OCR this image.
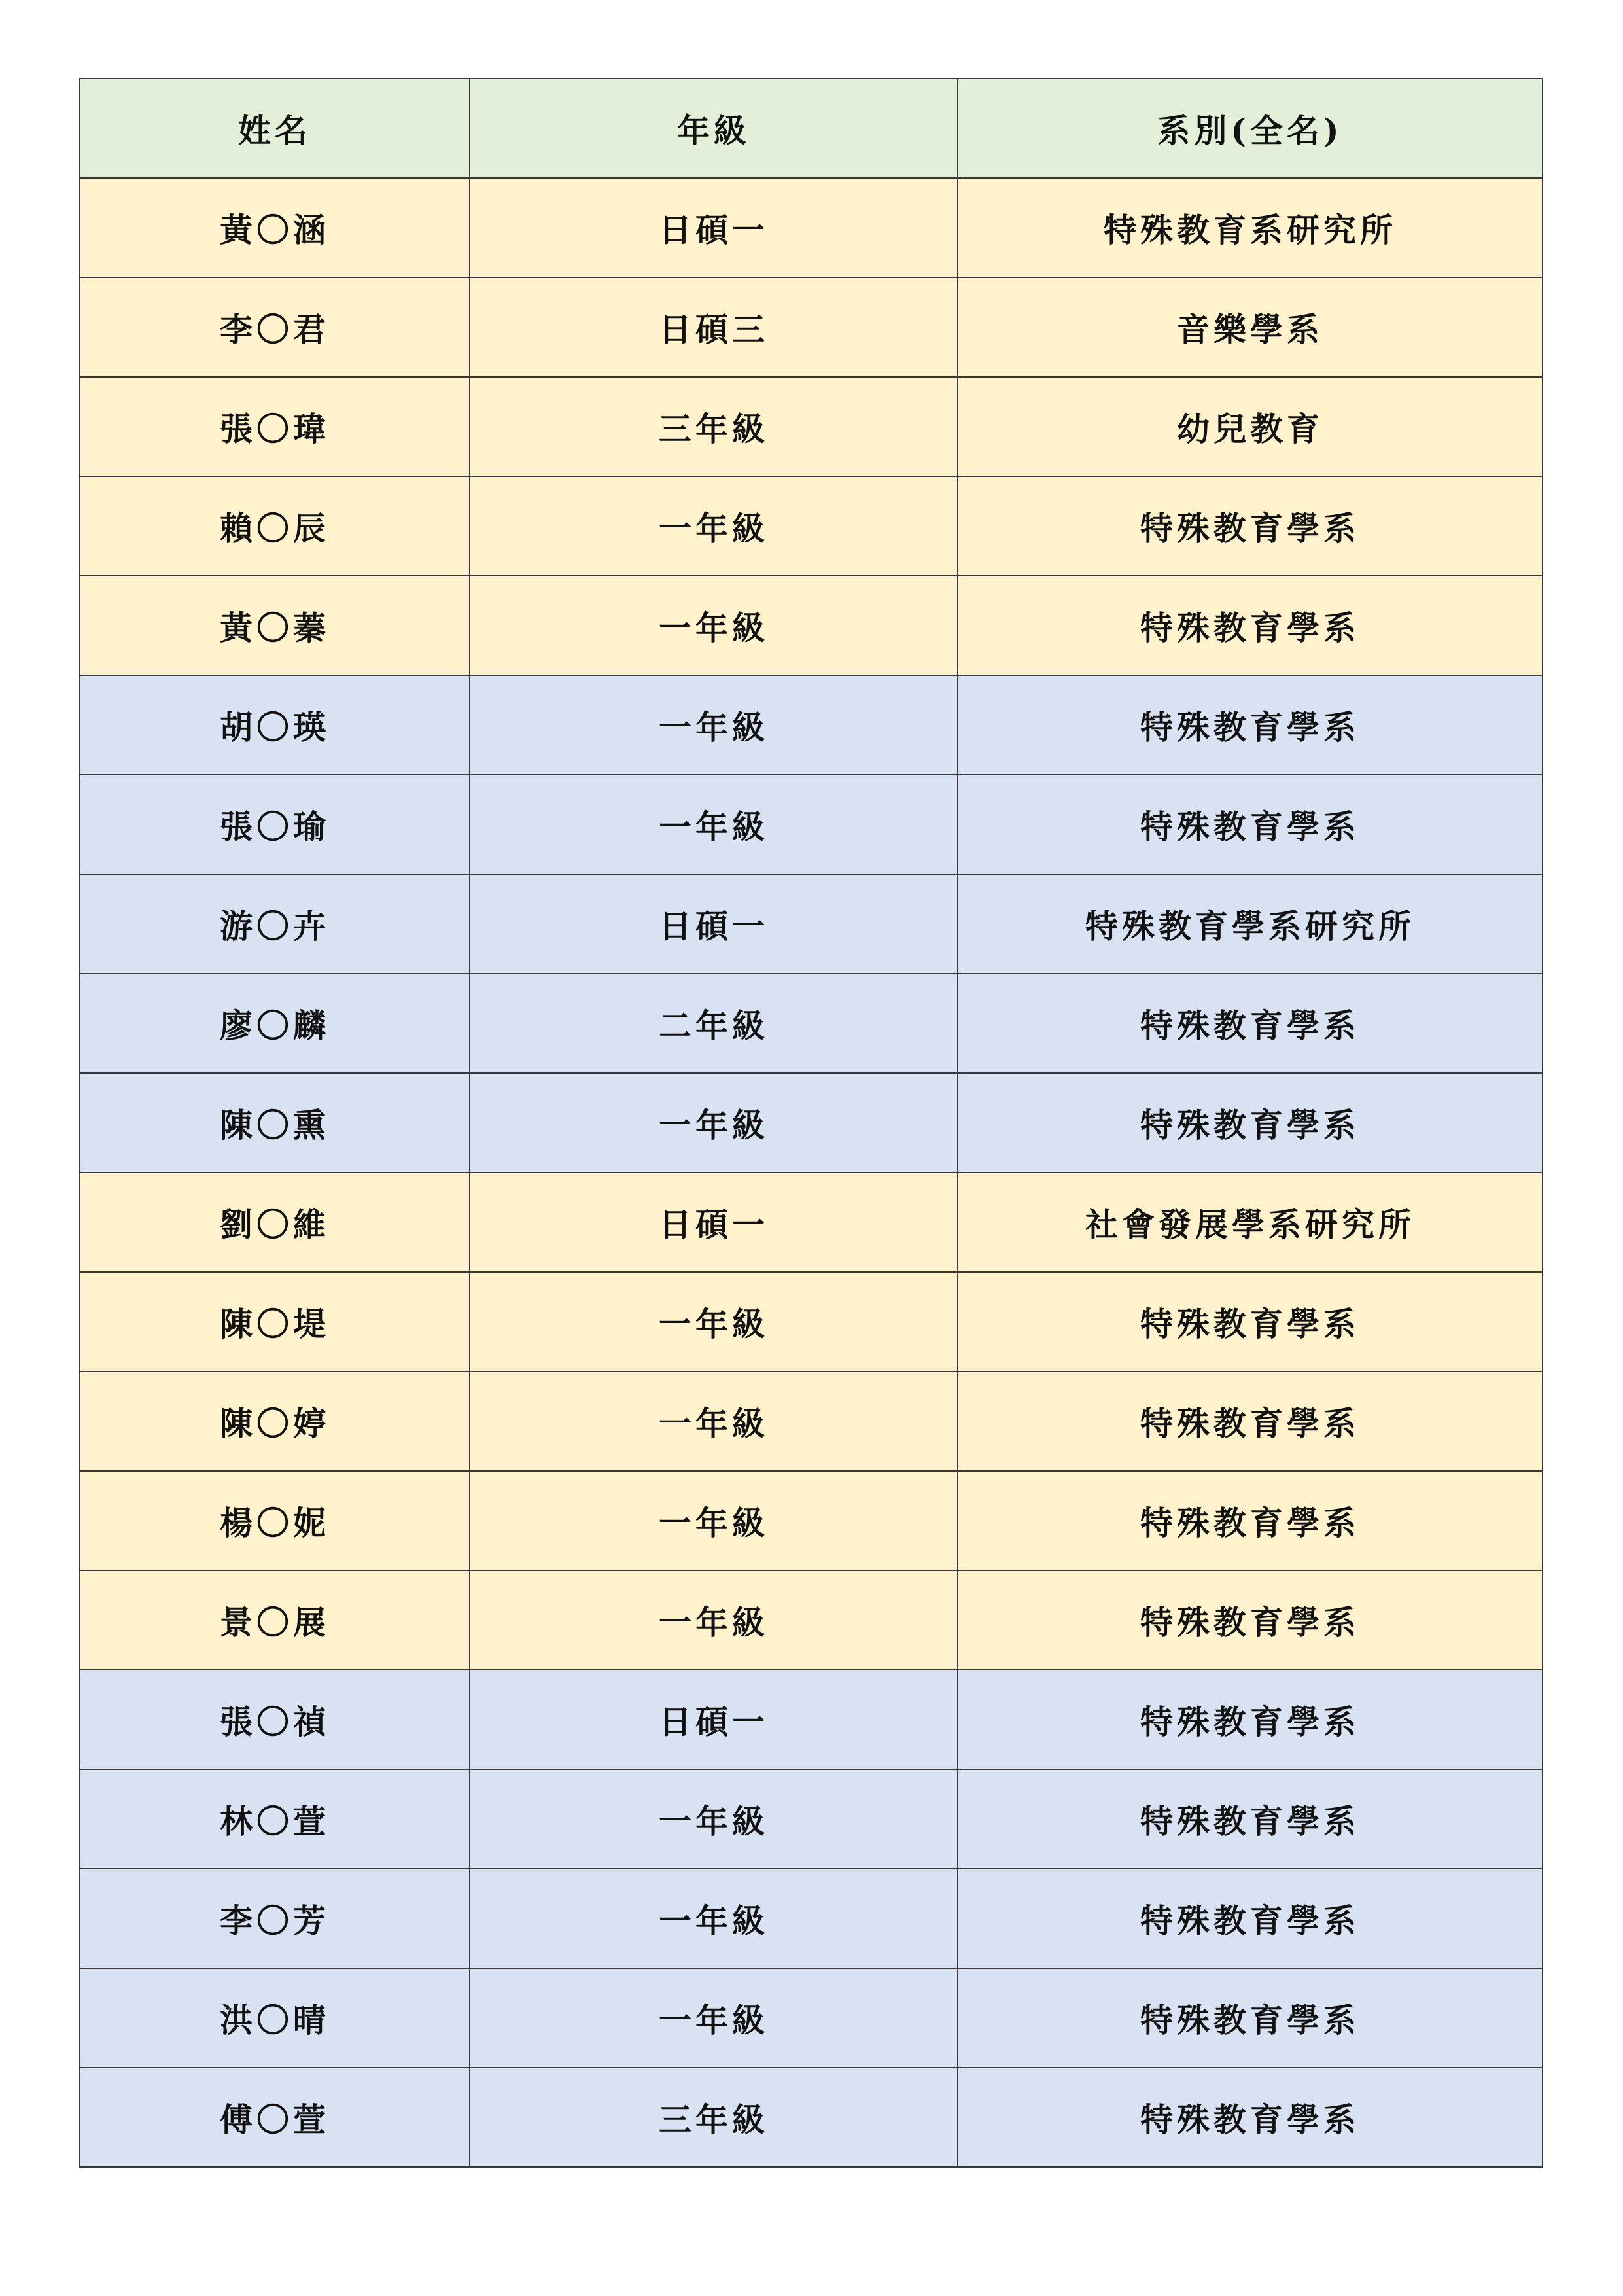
姓名	年級	系別(全名)
黃〇涵	日碩一	特殊教育系研究所
李〇君	日碩三	音樂學系
張〇瑋	三年級	幼兒教育
賴〇辰	一年級	特殊教育學系
黃〇蓁	一年級	特殊教育學系
胡〇瑛	一年級	特殊教育學系
張〇瑜	一年級	特殊教育學系
游〇卉	日碩一	特殊教育學系研究所
廖〇麟	二年級	特殊教育學系
陳〇熏	一年級	特殊教育學系
劉〇維	日碩一	社會發展學系研究所
陳〇堤	一年級	特殊教育學系
陳〇婷	一年級	特殊教育學系
楊〇妮	一年級	特殊教育學系
景〇展	一年級	特殊教育學系
張〇禎	日碩一	特殊教育學系
林〇萱	一年級	特殊教育學系
李〇芳	一年級	特殊教育學系
洪〇晴	一年級	特殊教育學系
傅〇萱	三年級	特殊教育學系
